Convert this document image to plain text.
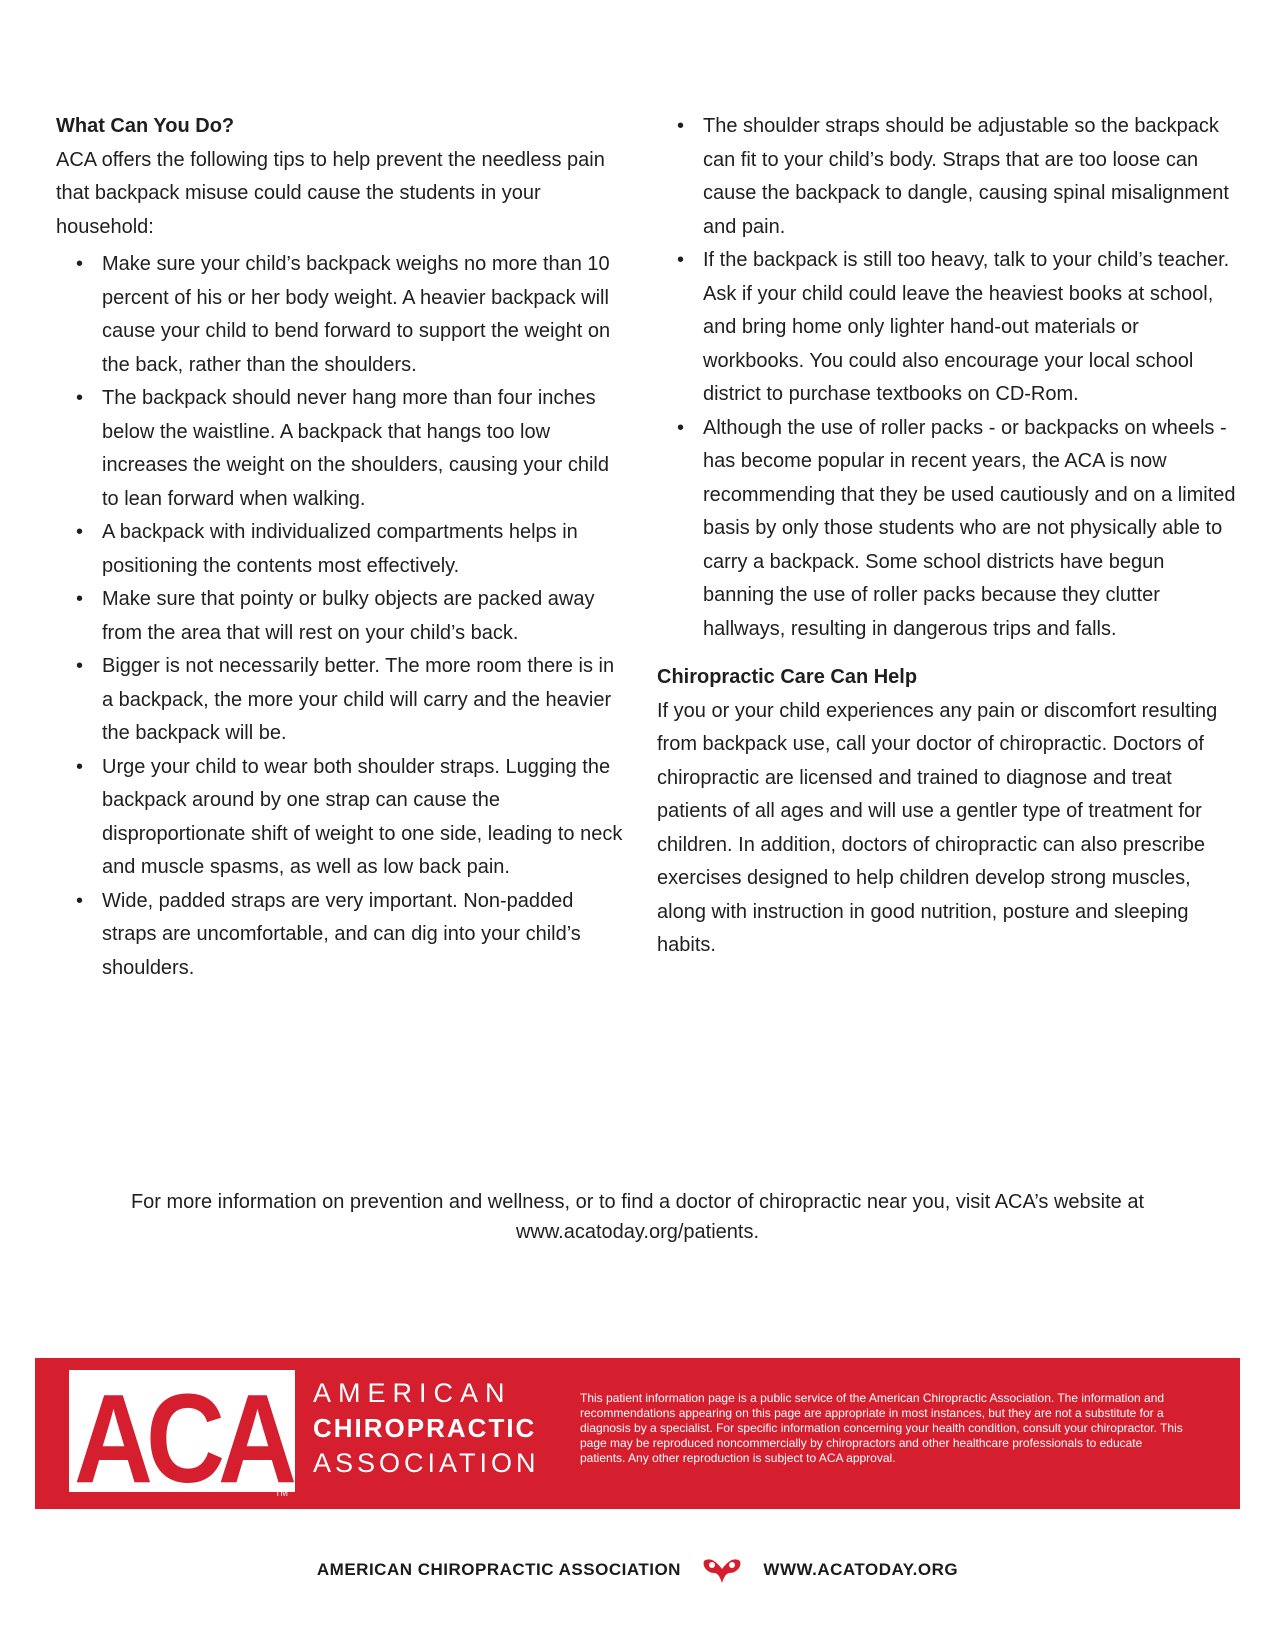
What Can You Do?

ACA offers the following tips to help prevent the needless pain that backpack misuse could cause the students in your household:

• Make sure your child’s backpack weighs no more than 10 percent of his or her body weight. A heavier backpack will cause your child to bend forward to support the weight on the back, rather than the shoulders.
• The backpack should never hang more than four inches below the waistline. A backpack that hangs too low increases the weight on the shoulders, causing your child to lean forward when walking.
• A backpack with individualized compartments helps in positioning the contents most effectively.
• Make sure that pointy or bulky objects are packed away from the area that will rest on your child’s back.
• Bigger is not necessarily better. The more room there is in a backpack, the more your child will carry and the heavier the backpack will be.
• Urge your child to wear both shoulder straps. Lugging the backpack around by one strap can cause the disproportionate shift of weight to one side, leading to neck and muscle spasms, as well as low back pain.
• Wide, padded straps are very important. Non-padded straps are uncomfortable, and can dig into your child’s shoulders.
• The shoulder straps should be adjustable so the backpack can fit to your child’s body. Straps that are too loose can cause the backpack to dangle, causing spinal misalignment and pain.
• If the backpack is still too heavy, talk to your child’s teacher. Ask if your child could leave the heaviest books at school, and bring home only lighter hand-out materials or workbooks. You could also encourage your local school district to purchase textbooks on CD-Rom.
• Although the use of roller packs - or backpacks on wheels - has become popular in recent years, the ACA is now recommending that they be used cautiously and on a limited basis by only those students who are not physically able to carry a backpack. Some school districts have begun banning the use of roller packs because they clutter hallways, resulting in dangerous trips and falls.
Chiropractic Care Can Help

If you or your child experiences any pain or discomfort resulting from backpack use, call your doctor of chiropractic. Doctors of chiropractic are licensed and trained to diagnose and treat patients of all ages and will use a gentler type of treatment for children. In addition, doctors of chiropractic can also prescribe exercises designed to help children develop strong muscles, along with instruction in good nutrition, posture and sleeping habits.

For more information on prevention and wellness, or to find a doctor of chiropractic near you, visit ACA’s website at www.acatoday.org/patients.
ACA
TM
AMERICAN
CHIROPRACTIC
ASSOCIATION
This patient information page is a public service of the American Chiropractic Association. The information and recommendations appearing on this page are appropriate in most instances, but they are not a substitute for a diagnosis by a specialist. For specific information concerning your health condition, consult your chiropractor. This page may be reproduced noncommercially by chiropractors and other healthcare professionals to educate patients. Any other reproduction is subject to ACA approval.
AMERICAN CHIROPRACTIC ASSOCIATION	WWW.ACATODAY.ORG
